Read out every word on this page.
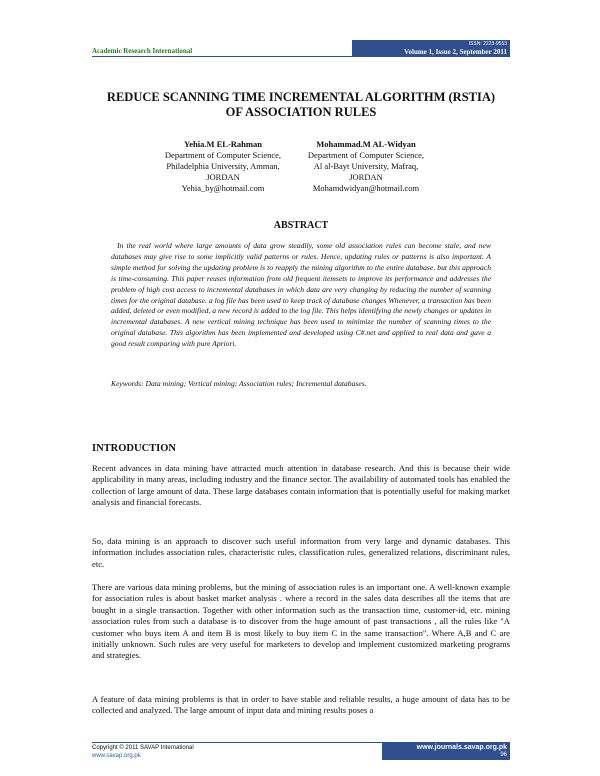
Academic Research International
ISSN: 2223-9553
Volume 1, Issue 2, September 2011
REDUCE SCANNING TIME INCREMENTAL ALGORITHM (RSTIA)
OF ASSOCIATION RULES
Yehia.M EL-Rahman
Department of Computer Science,
Philadelphia University, Amman,
JORDAN
Yehia_by@hotmail.com
Mohammad.M AL-Widyan
Department of Computer Science,
Al al-Bayt University, Mafraq,
JORDAN
Mohamdwidyan@hotmail.com
ABSTRACT
In the real world where large amounts of data grow steadily, some old association rules can become stale, and new databases may give rise to some implicitly valid patterns or rules. Hence, updating rules or patterns is also important. A simple method for solving the updating problem is to reapply the mining algorithm to the entire database, but this approach is time-consuming. This paper reuses information from old frequent itemsets to improve its performance and addresses the problem of high cost access to incremental databases in which data are very changing by reducing the number of scanning times for the original database. a log file has been used to keep track of database changes Whenever, a transaction has been added, deleted or even modified, a new record is added to the log file. This helps identifying the newly changes or updates in incremental databases. A new vertical mining technique has been used to minimize the number of scanning times to the original database. This algorithm has been implemented and developed using C#.net and applied to real data and gave a good result comparing with pure Apriori.
Keywords: Data mining; Vertical mining; Association rules; Incremental databases.
INTRODUCTION
Recent advances in data mining have attracted much attention in database research. And this is because their wide applicability in many areas, including industry and the finance sector. The availability of automated tools has enabled the collection of large amount of data. These large databases contain information that is potentially useful for making market analysis and financial forecasts.
So, data mining is an approach to discover such useful information from very large and dynamic databases. This information includes association rules, characteristic rules, classification rules, generalized relations, discriminant rules, etc.
There are various data mining problems, but the mining of association rules is an important one. A well-known example for association rules is about basket market analysis . where a record in the sales data describes all the items that are bought in a single transaction. Together with other information such as the transaction time, customer-id, etc. mining association rules from such a database is to discover from the huge amount of past transactions , all the rules like "A customer who buys item A and item B is most likely to buy item C in the same transaction". Where A,B and C are initially unknown. Such rules are very useful for marketers to develop and implement customized marketing programs and strategies.
A feature of data mining problems is that in order to have stable and reliable results, a huge amount of data has to be collected and analyzed. The large amount of input data and mining results poses a
Copyright © 2011 SAVAP International
www.savap.org.pk
www.journals.savap.org.pk
96
